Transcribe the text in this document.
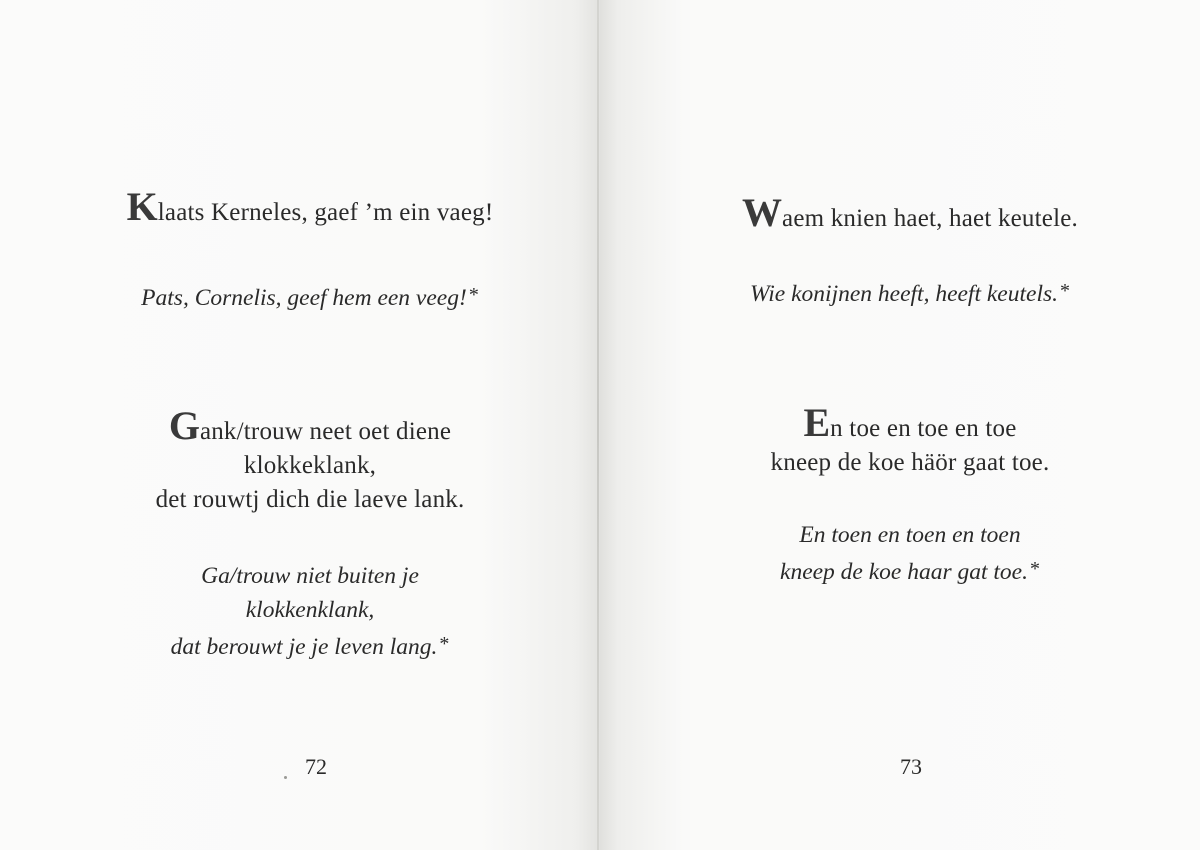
Klaats Kerneles, gaef ’m ein vaeg!
Pats, Cornelis, geef hem een veeg! *
Gank/trouw neet oet diene
klokkeklank,
det rouwtj dich die laeve lank.
Ga/trouw niet buiten je
klokkenklank,
dat berouwt je je leven lang. *
72
Waem knien haet, haet keutele.
Wie konijnen heeft, heeft keutels. *
En toe en toe en toe
kneep de koe häör gaat toe.
En toen en toen en toen
kneep de koe haar gat toe. *
73
